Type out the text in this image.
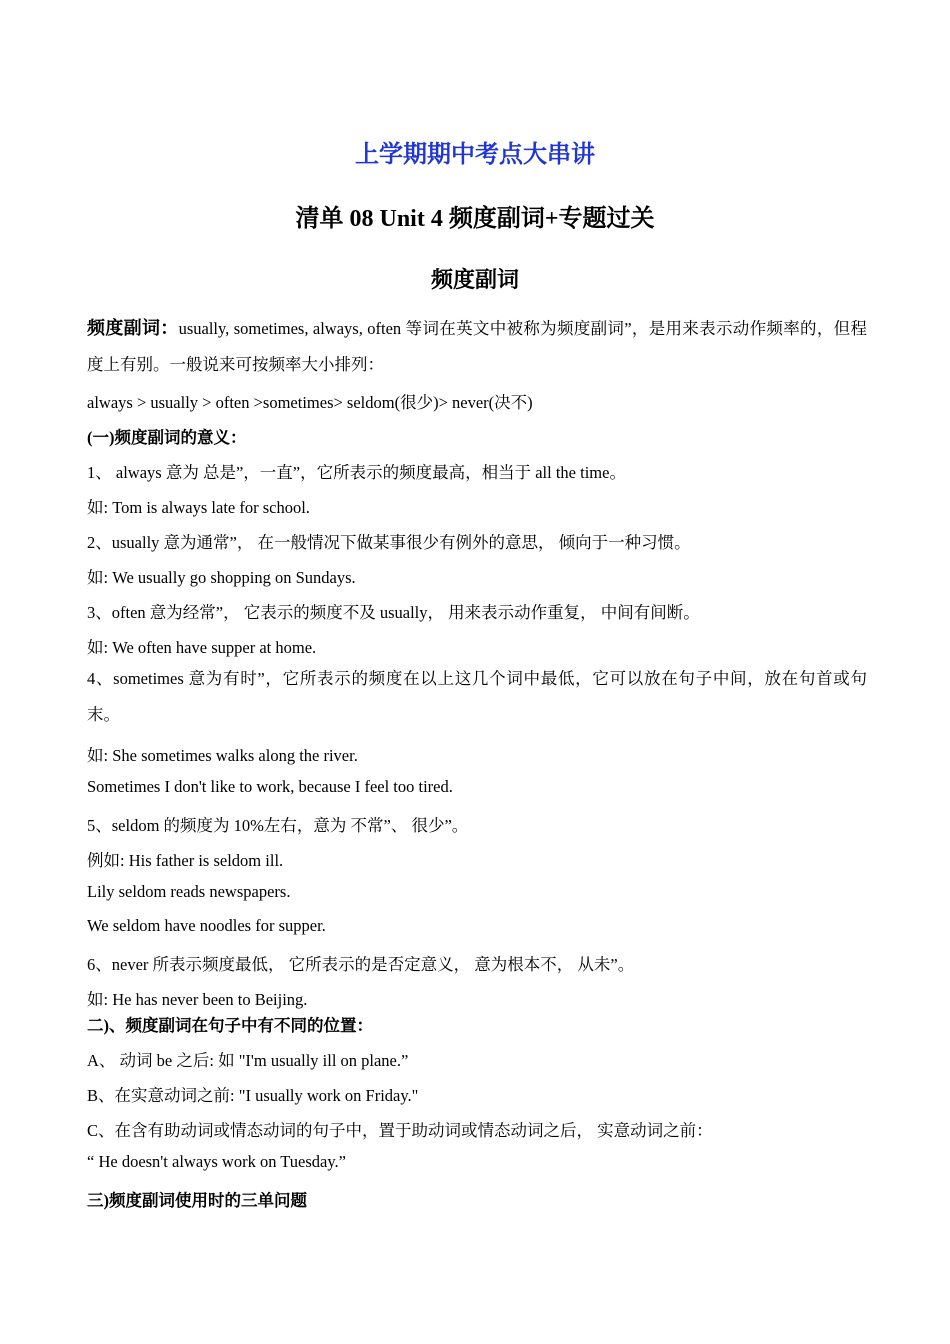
上学期期中考点大串讲
清单 08 Unit 4 频度副词+专题过关
频度副词
频度副词：usually, sometimes, always, often 等词在英文中被称为频度副词”，是用来表示动作频率的，但程度上有别。一般说来可按频率大小排列：
always > usually > often >sometimes> seldom(很少)> never(决不)
(一)频度副词的意义：
1、 always 意为 总是”，一直”，它所表示的频度最高，相当于 all the time。
如: Tom is always late for school.
2、usually 意为通常”， 在一般情况下做某事很少有例外的意思， 倾向于一种习惯。
如: We usually go shopping on Sundays.
3、often 意为经常”， 它表示的频度不及 usually， 用来表示动作重复， 中间有间断。
如: We often have supper at home.
4、sometimes 意为有时”，它所表示的频度在以上这几个词中最低，它可以放在句子中间，放在句首或句末。
如: She sometimes walks along the river.
Sometimes I don't like to work, because I feel too tired.
5、seldom 的频度为 10%左右，意为 不常”、 很少”。
例如: His father is seldom ill.
Lily seldom reads newspapers.
We seldom have noodles for supper.
6、never 所表示频度最低， 它所表示的是否定意义， 意为根本不， 从未”。
如: He has never been to Beijing.
二)、频度副词在句子中有不同的位置：
A、 动词 be 之后: 如 "I'm usually ill on plane.”
B、在实意动词之前: "I usually work on Friday."
C、在含有助动词或情态动词的句子中，置于助动词或情态动词之后， 实意动词之前：
“ He doesn't always work on Tuesday.”
三)频度副词使用时的三单问题
